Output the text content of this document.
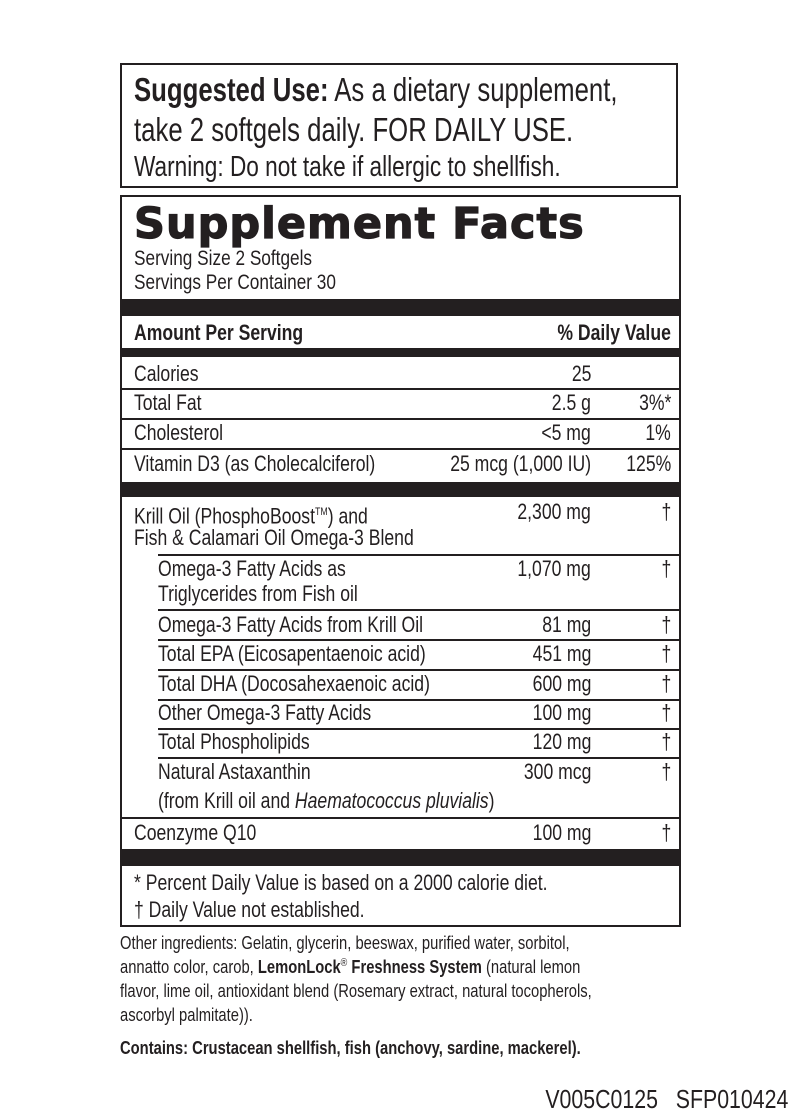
Suggested Use: As a dietary supplement,
take 2 softgels daily. FOR DAILY USE.
Warning: Do not take if allergic to shellfish.
Supplement Facts
Serving Size 2 Softgels
Servings Per Container 30
Amount Per Serving	% Daily Value
Calories	25
Total Fat	2.5 g 3%*
Cholesterol	<5 mg 1%
Vitamin D3 (as Cholecalciferol)	25 mcg (1,000 IU) 125%
Krill Oil (PhosphoBoost™) and	2,300 mg	†
Fish & Calamari Oil Omega-3 Blend
Omega-3 Fatty Acids as	1,070 mg	†
Triglycerides from Fish oil
Omega-3 Fatty Acids from Krill Oil	81 mg	†
Total EPA (Eicosapentaenoic acid)	451 mg	†
Total DHA (Docosahexaenoic acid)	600 mg	†
Other Omega-3 Fatty Acids	100 mg	†
Total Phospholipids	120 mg	†
Natural Astaxanthin	300 mcg	†
(from Krill oil and Haematococcus pluvialis)
Coenzyme Q10	100 mg	†
* Percent Daily Value is based on a 2000 calorie diet.
† Daily Value not established.
Other ingredients: Gelatin, glycerin, beeswax, purified water, sorbitol,
annatto color, carob, LemonLock® Freshness System (natural lemon
flavor, lime oil, antioxidant blend (Rosemary extract, natural tocopherols,
ascorbyl palmitate)).
Contains: Crustacean shellfish, fish (anchovy, sardine, mackerel).
V005C0125   SFP010424
